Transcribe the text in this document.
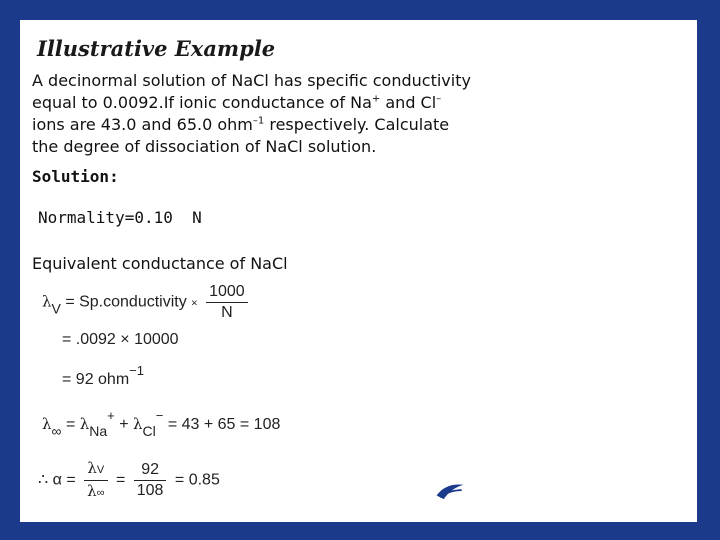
Illustrative Example
A decinormal solution of NaCl has specific conductivity
equal to 0.0092.If ionic conductance of Na+ and Cl–
ions are 43.0 and 65.0 ohm$^{-1}$ respectively. Calculate
the degree of dissociation of NaCl solution.
Solution:
Normality=0.10  N
Equivalent conductance of NaCl
λV = Sp.conductivity × $\frac{1000}{N}$
= .0092 × 10000
= 92 ohm$^{-1}$
λ∞ = λNa+ + λCl− = 43 + 65 = 108
∴ $\alpha = \frac{\lambda V}{\lambda\infty} = \frac{92}{108} = 0.85$	CAREER LAUNCHER
